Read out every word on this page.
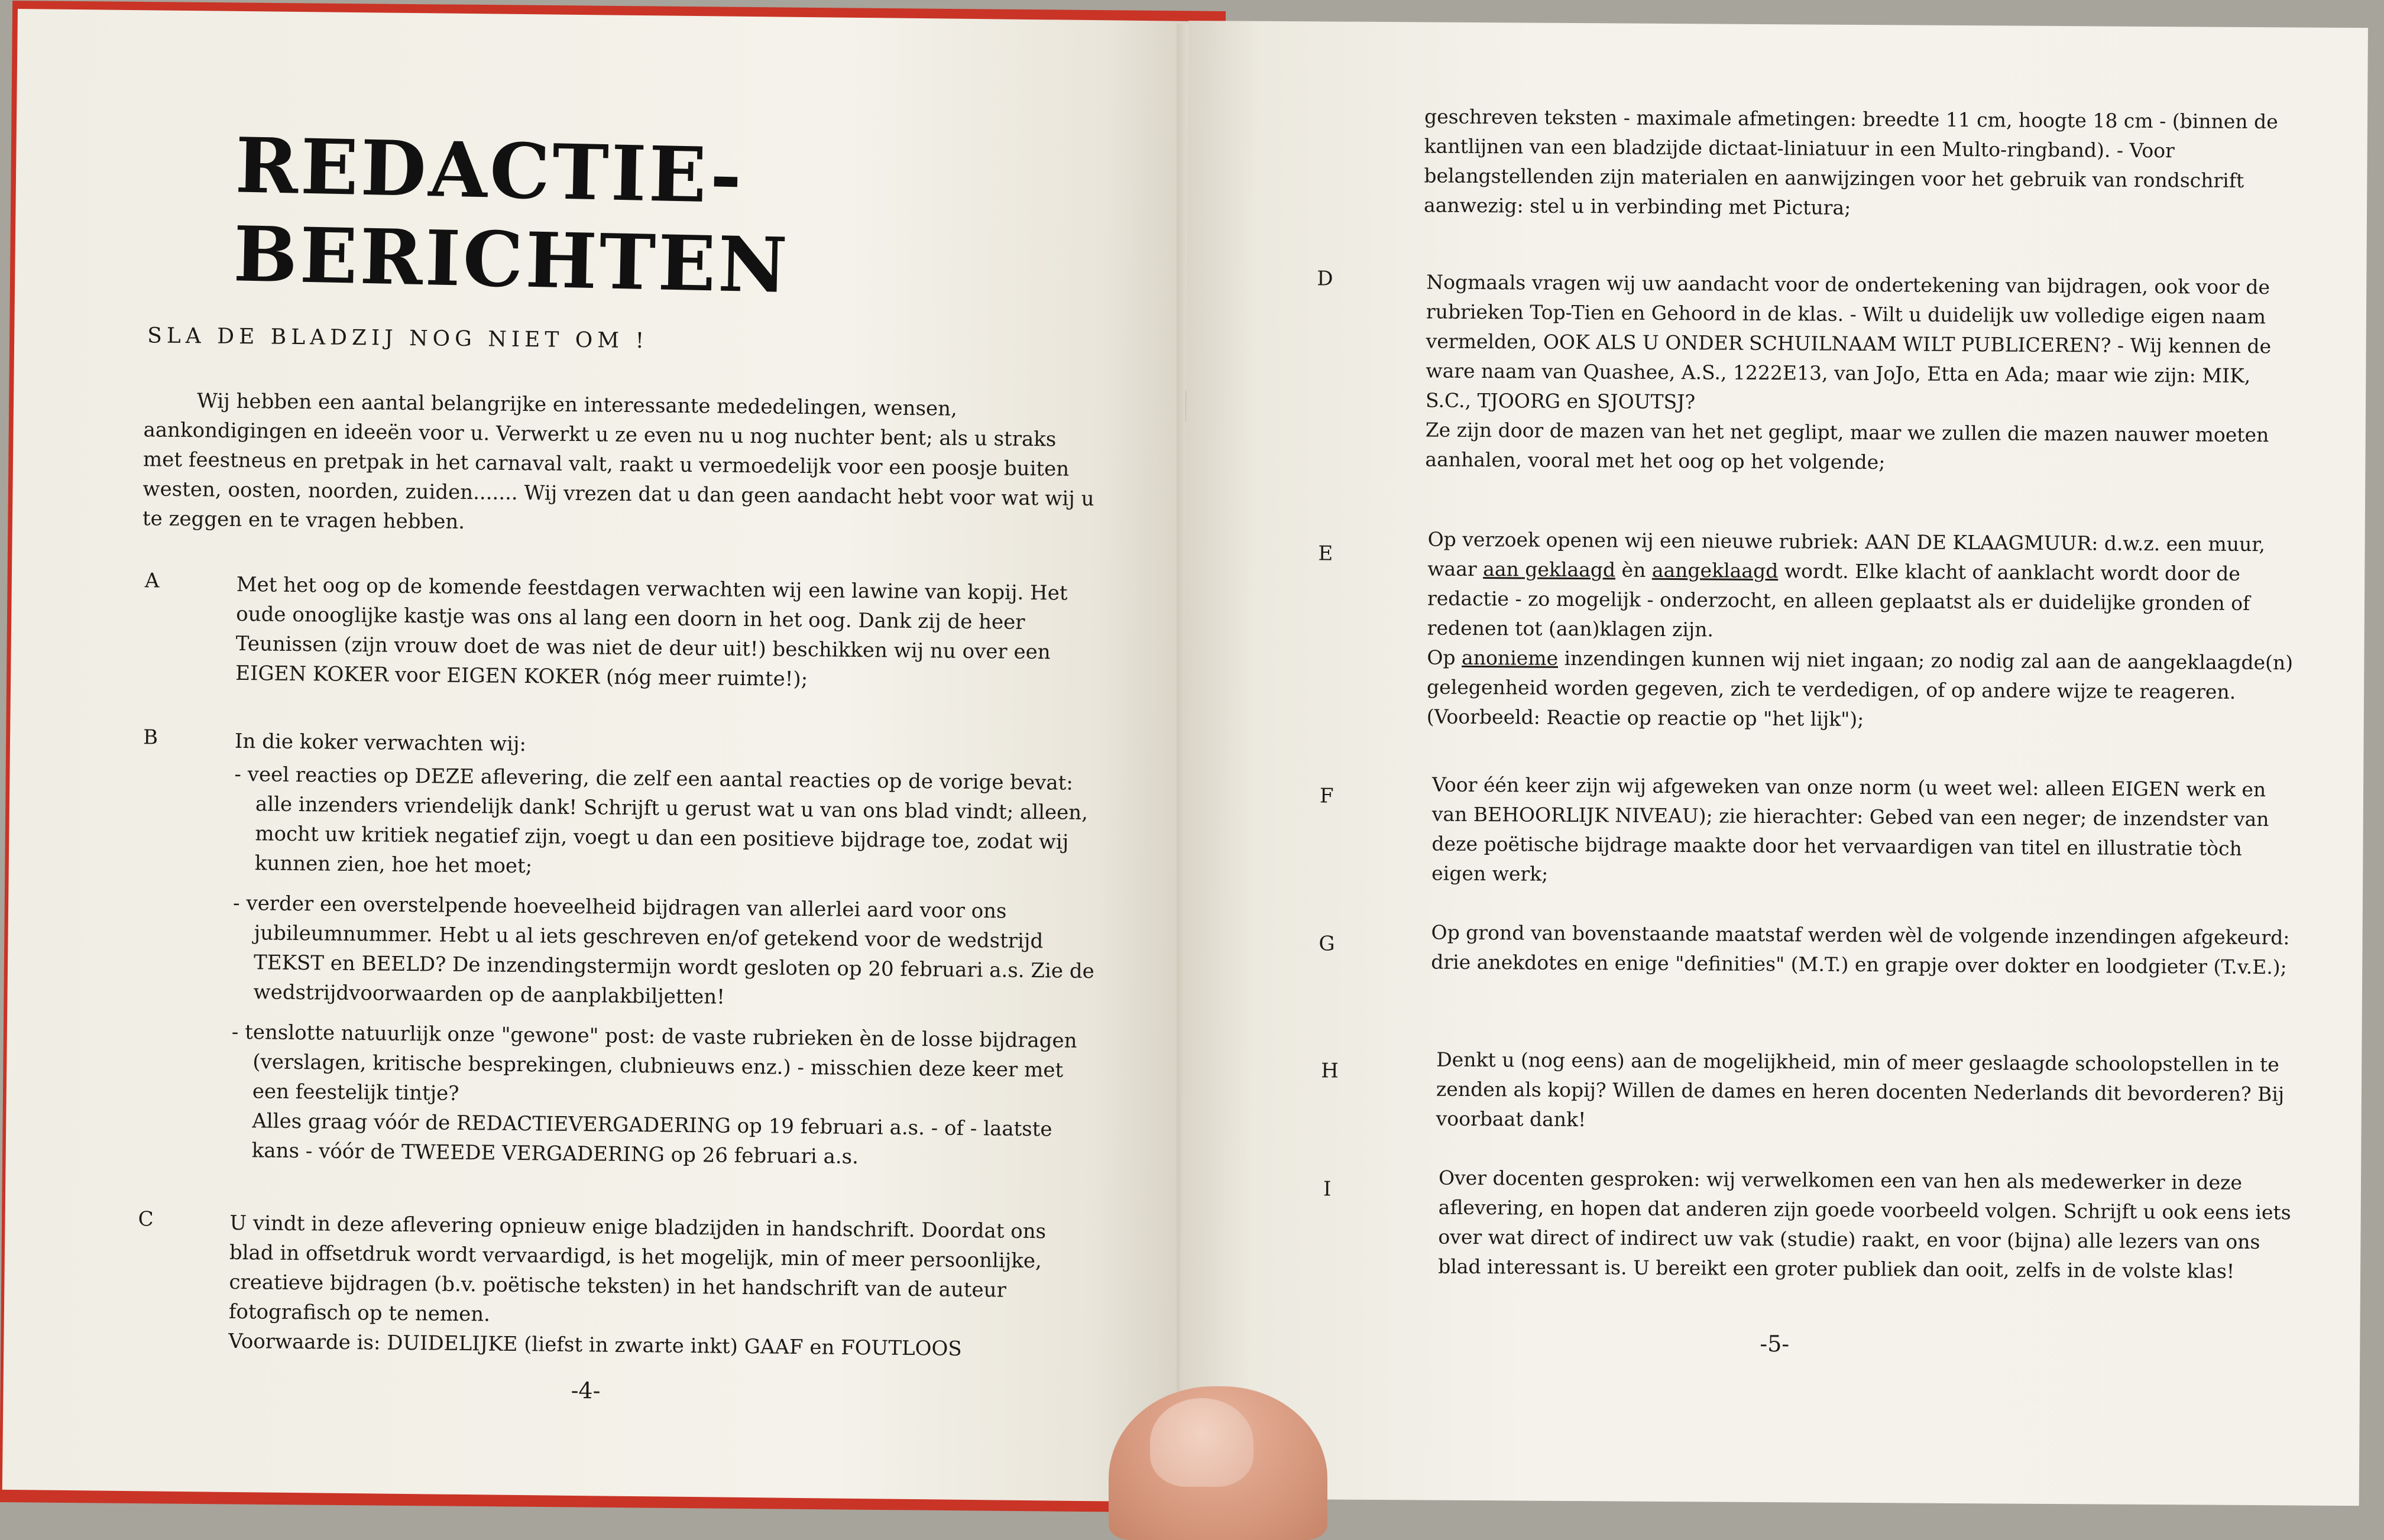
REDACTIE-BERICHTEN

SLA DE BLADZIJ NOG NIET OM !

Wij hebben een aantal belangrijke en interessante mededelingen, wensen, aankondigingen en ideeën voor u. Verwerkt u ze even nu u nog nuchter bent; als u straks met feestneus en pretpak in het carnaval valt, raakt u vermoedelijk voor een poosje buiten westen, oosten, noorden, zuiden....... Wij vrezen dat u dan geen aandacht hebt voor wat wij u te zeggen en te vragen hebben.

A	Met het oog op de komende feestdagen verwachten wij een lawine van kopij. Het oude onooglijke kastje was ons al lang een doorn in het oog. Dank zij de heer Teunissen (zijn vrouw doet de was niet de deur uit!) beschikken wij nu over een EIGEN KOKER voor EIGEN KOKER (nóg meer ruimte!);

B	In die koker verwachten wij:

- veel reacties op DEZE aflevering, die zelf een aantal reacties op de vorige bevat: alle inzenders vriendelijk dank! Schrijft u gerust wat u van ons blad vindt; alleen, mocht uw kritiek negatief zijn, voegt u dan een positieve bijdrage toe, zodat wij kunnen zien, hoe het moet;

- verder een overstelpende hoeveelheid bijdragen van allerlei aard voor ons jubileumnummer. Hebt u al iets geschreven en/of getekend voor de wedstrijd TEKST en BEELD? De inzendingstermijn wordt gesloten op 20 februari a.s. Zie de wedstrijdvoorwaarden op de aanplakbiljetten!

- tenslotte natuurlijk onze "gewone" post: de vaste rubrieken èn de losse bijdragen (verslagen, kritische besprekingen, clubnieuws enz.) - misschien deze keer met een feestelijk tintje?

Alles graag vóór de REDACTIEVERGADERING op 19 februari a.s. - of - laatste kans - vóór de TWEEDE VERGADERING op 26 februari a.s.

C	U vindt in deze aflevering opnieuw enige bladzijden in handschrift. Doordat ons blad in offsetdruk wordt vervaardigd, is het mogelijk, min of meer persoonlijke, creatieve bijdragen (b.v. poëtische teksten) in het handschrift van de auteur fotografisch op te nemen.

Voorwaarde is: DUIDELIJKE (liefst in zwarte inkt) GAAF en FOUTLOOS

-4-

geschreven teksten - maximale afmetingen: breedte 11 cm, hoogte 18 cm - (binnen de kantlijnen van een bladzijde dictaat-liniatuur in een Multo-ringband). - Voor belangstellenden zijn materialen en aanwijzingen voor het gebruik van rondschrift aanwezig: stel u in verbinding met Pictura;

D	Nogmaals vragen wij uw aandacht voor de ondertekening van bijdragen, ook voor de rubrieken Top-Tien en Gehoord in de klas. - Wilt u duidelijk uw volledige eigen naam vermelden, OOK ALS U ONDER SCHUILNAAM WILT PUBLICEREN? - Wij kennen de ware naam van Quashee, A.S., 1222E13, van JoJo, Etta en Ada; maar wie zijn: MIK, S.C., TJOORG en SJOUTSJ?

Ze zijn door de mazen van het net geglipt, maar we zullen die mazen nauwer moeten aanhalen, vooral met het oog op het volgende;

E	Op verzoek openen wij een nieuwe rubriek: AAN DE KLAAGMUUR: d.w.z. een muur, waar aan geklaagd èn aangeklaagd wordt. Elke klacht of aanklacht wordt door de redactie - zo mogelijk - onderzocht, en alleen geplaatst als er duidelijke gronden of redenen tot (aan)klagen zijn.
Op anonieme inzendingen kunnen wij niet ingaan; zo nodig zal aan de aangeklaagde(n) gelegenheid worden gegeven, zich te verdedigen, of op andere wijze te reageren. (Voorbeeld: Reactie op reactie op "het lijk");

F	Voor één keer zijn wij afgeweken van onze norm (u weet wel: alleen EIGEN werk en van BEHOORLIJK NIVEAU); zie hierachter: Gebed van een neger; de inzendster van deze poëtische bijdrage maakte door het vervaardigen van titel en illustratie tòch eigen werk;

G	Op grond van bovenstaande maatstaf werden wèl de volgende inzendingen afgekeurd: drie anekdotes en enige "definities" (M.T.) en grapje over dokter en loodgieter (T.v.E.);

H	Denkt u (nog eens) aan de mogelijkheid, min of meer geslaagde schoolopstellen in te zenden als kopij? Willen de dames en heren docenten Nederlands dit bevorderen? Bij voorbaat dank!

I	Over docenten gesproken: wij verwelkomen een van hen als medewerker in deze aflevering, en hopen dat anderen zijn goede voorbeeld volgen. Schrijft u ook eens iets over wat direct of indirect uw vak (studie) raakt, en voor (bijna) alle lezers van ons blad interessant is. U bereikt een groter publiek dan ooit, zelfs in de volste klas!

-5-
